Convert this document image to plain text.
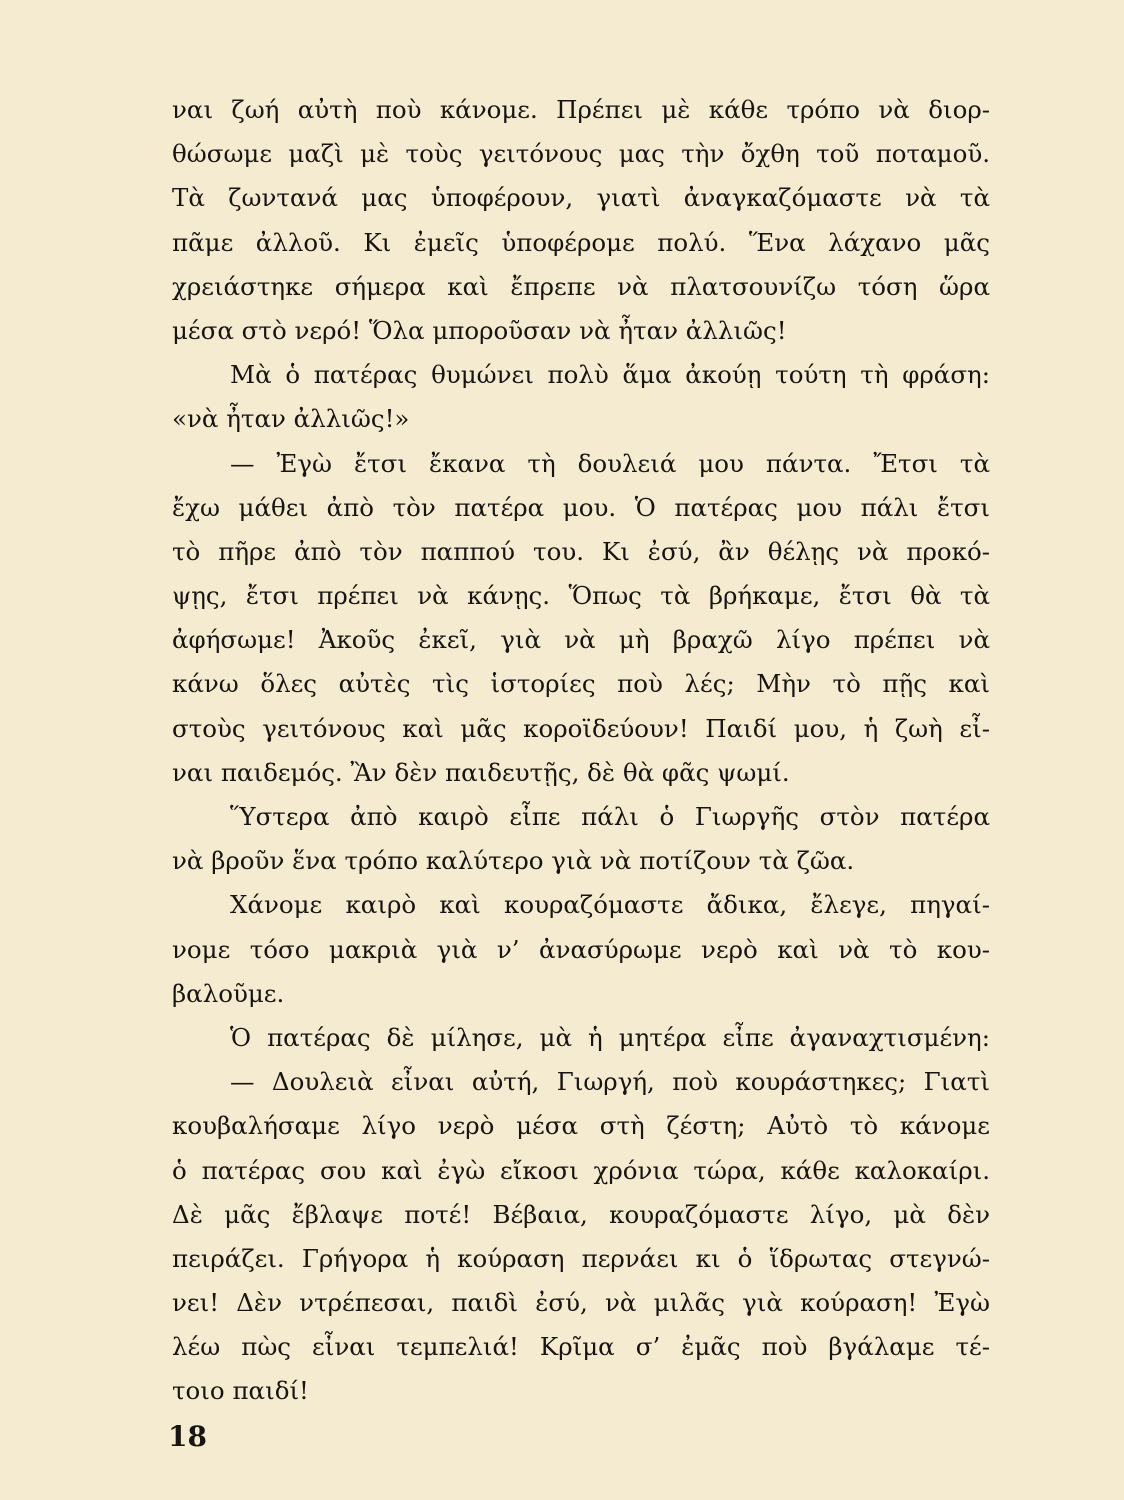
ναι ζωή αὐτὴ ποὺ κάνομε. Πρέπει μὲ κάθε τρόπο νὰ διορ-
θώσωμε μαζὶ μὲ τοὺς γειτόνους μας τὴν ὄχθη τοῦ ποταμοῦ.
Τὰ ζωντανά μας ὑποφέρουν, γιατὶ ἀναγκαζόμαστε νὰ τὰ
πᾶμε ἀλλοῦ. Κι ἐμεῖς ὑποφέρομε πολύ. Ἕνα λάχανο μᾶς
χρειάστηκε σήμερα καὶ ἔπρεπε νὰ πλατσουνίζω τόση ὥρα
μέσα στὸ νερό! Ὅλα μποροῦσαν νὰ ἦταν ἀλλιῶς!
Μὰ ὁ πατέρας θυμώνει πολὺ ἅμα ἀκούῃ τούτη τὴ φράση:
«νὰ ἦταν ἀλλιῶς!»
— Ἐγὼ ἔτσι ἔκανα τὴ δουλειά μου πάντα. Ἔτσι τὰ
ἔχω μάθει ἀπὸ τὸν πατέρα μου. Ὁ πατέρας μου πάλι ἔτσι
τὸ πῆρε ἀπὸ τὸν παππού του. Κι ἐσύ, ἂν θέλῃς νὰ προκό-
ψῃς, ἔτσι πρέπει νὰ κάνῃς. Ὅπως τὰ βρήκαμε, ἔτσι θὰ τὰ
ἀφήσωμε! Ἀκοῦς ἐκεῖ, γιὰ νὰ μὴ βραχῶ λίγο πρέπει νὰ
κάνω ὅλες αὐτὲς τὶς ἱστορίες ποὺ λές; Μὴν τὸ πῇς καὶ
στοὺς γειτόνους καὶ μᾶς κοροϊδεύουν! Παιδί μου, ἡ ζωὴ εἶ-
ναι παιδεμός. Ἂν δὲν παιδευτῇς, δὲ θὰ φᾶς ψωμί.
Ὕστερα ἀπὸ καιρὸ εἶπε πάλι ὁ Γιωργῆς στὸν πατέρα
νὰ βροῦν ἕνα τρόπο καλύτερο γιὰ νὰ ποτίζουν τὰ ζῶα.
Χάνομε καιρὸ καὶ κουραζόμαστε ἄδικα, ἔλεγε, πηγαί-
νομε τόσο μακριὰ γιὰ ν’ ἀνασύρωμε νερὸ καὶ νὰ τὸ κου-
βαλοῦμε.
Ὁ πατέρας δὲ μίλησε, μὰ ἡ μητέρα εἶπε ἀγαναχτισμένη:
— Δουλειὰ εἶναι αὐτή, Γιωργή, ποὺ κουράστηκες; Γιατὶ
κουβαλήσαμε λίγο νερὸ μέσα στὴ ζέστη; Αὐτὸ τὸ κάνομε
ὁ πατέρας σου καὶ ἐγὼ εἴκοσι χρόνια τώρα, κάθε καλοκαίρι.
Δὲ μᾶς ἔβλαψε ποτέ! Βέβαια, κουραζόμαστε λίγο, μὰ δὲν
πειράζει. Γρήγορα ἡ κούραση περνάει κι ὁ ἵδρωτας στεγνώ-
νει! Δὲν ντρέπεσαι, παιδὶ ἐσύ, νὰ μιλᾶς γιὰ κούραση! Ἐγὼ
λέω πὼς εἶναι τεμπελιά! Κρῖμα σ’ ἐμᾶς ποὺ βγάλαμε τέ-
τοιο παιδί!
18
